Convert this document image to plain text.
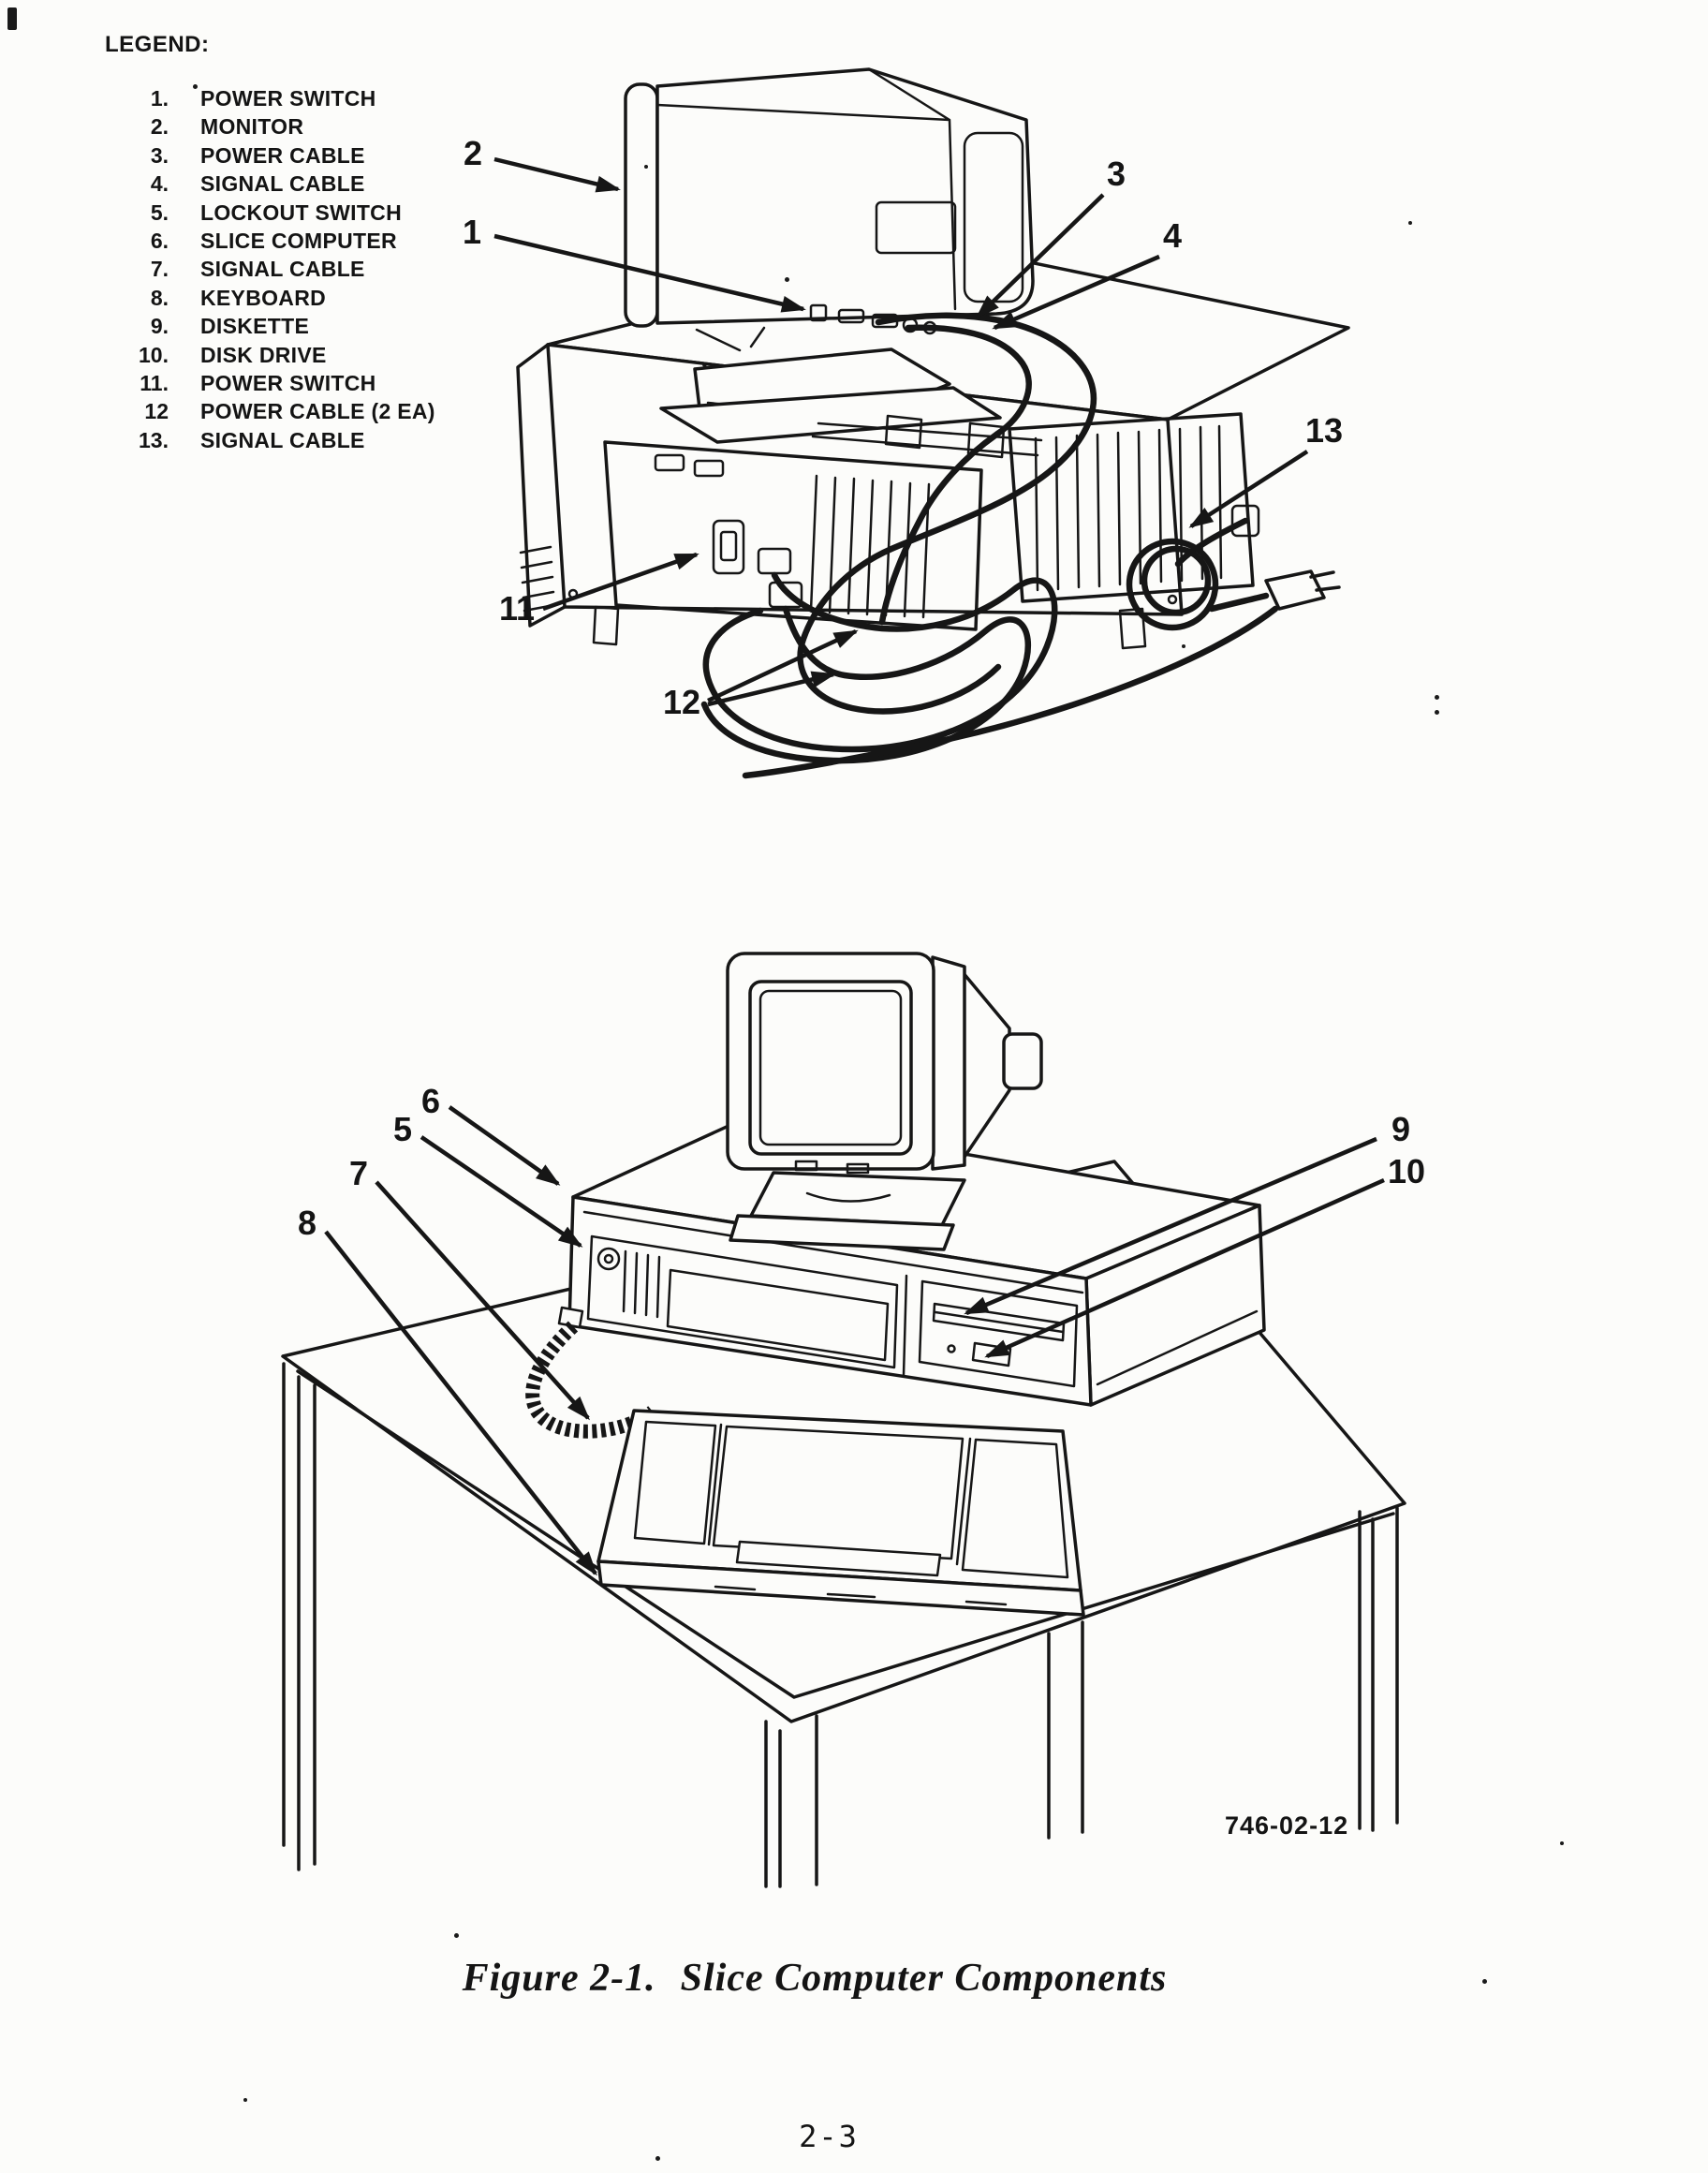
LEGEND:
1. POWER SWITCH
2. MONITOR
3. POWER CABLE
4. SIGNAL CABLE
5. LOCKOUT SWITCH
6. SLICE COMPUTER
7. SIGNAL CABLE
8. KEYBOARD
9. DISKETTE
10. DISK DRIVE
11. POWER SWITCH
12 POWER CABLE (2 EA)
13. SIGNAL CABLE
2
1
3
4
13
11
12
6
5
7
8
9
10
746-02-12
Figure 2-1. Slice Computer Components
2-3
